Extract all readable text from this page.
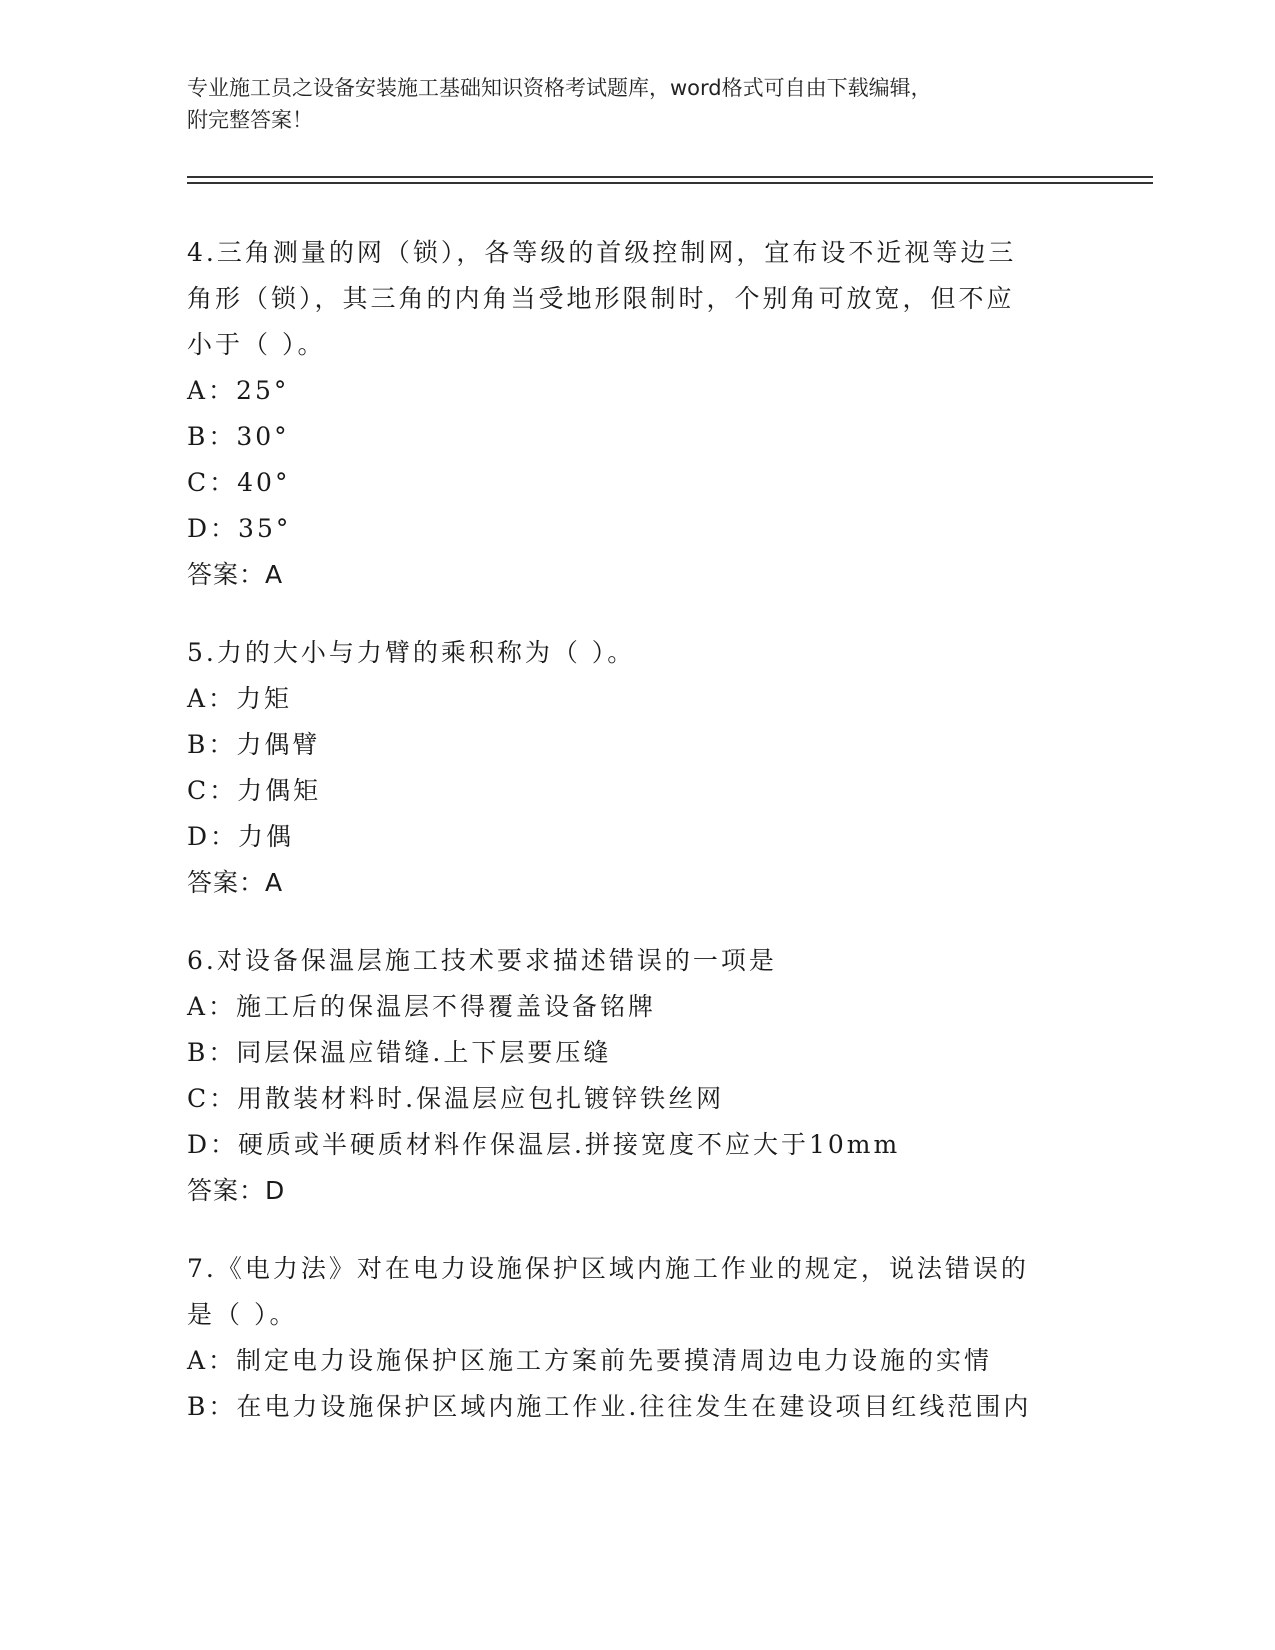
专业施工员之设备安装施工基础知识资格考试题库，word格式可自由下载编辑，
附完整答案！

4.三角测量的网（锁），各等级的首级控制网，宜布设不近视等边三

角形（锁），其三角的内角当受地形限制时，个别角可放宽，但不应

小于（ ）。

A：25°

B：30°

C：40°

D：35°

答案：A

5.力的大小与力臂的乘积称为（ ）。

A：力矩

B：力偶臂

C：力偶矩

D：力偶

答案：A

6.对设备保温层施工技术要求描述错误的一项是

A：施工后的保温层不得覆盖设备铭牌

B：同层保温应错缝.上下层要压缝

C：用散装材料时.保温层应包扎镀锌铁丝网

D：硬质或半硬质材料作保温层.拼接宽度不应大于10mm

答案：D

7.《电力法》对在电力设施保护区域内施工作业的规定，说法错误的

是（ ）。

A：制定电力设施保护区施工方案前先要摸清周边电力设施的实情

B：在电力设施保护区域内施工作业.往往发生在建设项目红线范围内
